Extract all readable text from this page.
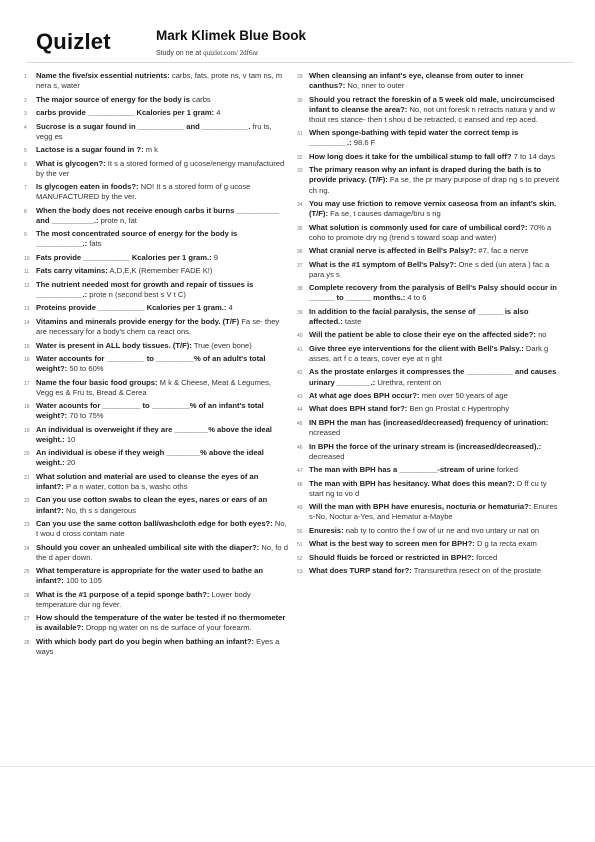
Quizlet	Mark Klimek Blue Book
Study on ne at quizlet.com/ 2df6nr
1 Name the five/six essential nutrients: carbs, fats, prote ns, v tam ns, m nera s, water
2 The major source of energy for the body is carbs
3 carbs provide ___________ Kcalories per 1 gram: 4
4 Sucrose is a sugar found in ___________ and ___________. fru ts, vegg es
5 Lactose is a sugar found in ?: m k
6 What is glycogen?: It s a stored formed of g ucose/energy manufactured by the ver
7 Is glycogen eaten in foods?: NO! It s a stored form of g ucose MANUFACTURED by the ver.
8 When the body does not receive enough carbs it burns __________ and __________.: prote n, fat
9 The most concentrated source of energy for the body is ___________.: fats
10 Fats provide ___________ Kcalories per 1 gram.: 9
11 Fats carry vitamins: A,D,E,K (Remember FADE K!)
12 The nutrient needed most for growth and repair of tissues is ___________.: prote n (second best s V t C)
13 Proteins provide ___________ Kcalories per 1 gram.: 4
14 Vitamins and minerals provide energy for the body. (T/F) Fa se- they are necessary for a body's chem ca react ons.
15 Water is present in ALL body tissues. (T/F): True (even bone)
16 Water accounts for _________ to _________% of an adult's total weight?: 50 to 60%
17 Name the four basic food groups: M k & Cheese, Meat & Legumes, Vegg es & Fru ts, Bread & Cerea
18 Water acounts for _________ to _________% of an infant's total weight?: 70 to 75%
19 An individual is overweight if they are ________% above the ideal weight.: 10
20 An individual is obese if they weigh ________% above the ideal weight.: 20
21 What solution and material are used to cleanse the eyes of an infant?: P a n water, cotton ba s, washc oths
22 Can you use cotton swabs to clean the eyes, nares or ears of an infant?: No, th s s dangerous
23 Can you use the same cotton ball/washcloth edge for both eyes?: No, t wou d cross contam nate
24 Should you cover an unhealed umbilical site with the diaper?: No, fo d the d aper down.
25 What temperature is appropriate for the water used to bathe an infant?: 100 to 105
26 What is the #1 purpose of a tepid sponge bath?: Lower body temperature dur ng fever.
27 How should the temperature of the water be tested if no thermometer is available?: Dropp ng water on ns de surface of your forearm.
28 With which body part do you begin when bathing an infant?: Eyes a ways
29 When cleansing an infant's eye, cleanse from outer to inner canthus?: No, nner to outer
30 Should you retract the foreskin of a 5 week old male, uncircumcised infant to cleanse the area?: No, not unt foresk n retracts natura y and w thout res stance- then t shou d be retracted, c eansed and rep aced.
31 When sponge-bathing with tepid water the correct temp is _________.: 98.6 F
32 How long does it take for the umbilical stump to fall off? 7 to 14 days
33 The primary reason why an infant is draped during the bath is to provide privacy. (T/F): Fa se, the pr mary purpose of drap ng s to prevent ch ng.
34 You may use friction to remove vernix caseosa from an infant's skin. (T/F): Fa se, t causes damage/bru s ng
35 What solution is commonly used for care of umbilical cord?: 70% a coho to promote dry ng (trend s toward soap and water)
36 What cranial nerve is affected in Bell's Palsy?: #7, fac a nerve
37 What is the #1 symptom of Bell's Palsy?: One s ded (un atera ) fac a para ys s
38 Complete recovery from the paralysis of Bell's Palsy should occur in ______ to ______ months.: 4 to 6
39 In addition to the facial paralysis, the sense of ______ is also affected.: taste
40 Will the patient be able to close their eye on the affected side?: no
41 Give three eye interventions for the client with Bell's Palsy.: Dark g asses, art f c a tears, cover eye at n ght
42 As the prostate enlarges it compresses the ___________ and causes urinary ________.: Urethra, rentent on
43 At what age does BPH occur?: men over 50 years of age
44 What does BPH stand for?: Ben gn Prostat c Hypertrophy
45 IN BPH the man has (increased/decreased) frequency of urination: ncreased
46 In BPH the force of the urinary stream is (increased/decreased).: decreased
47 The man with BPH has a _________-stream of urine forked
48 The man with BPH has hesitancy. What does this mean?: D ff cu ty start ng to vo d
49 Will the man with BPH have enuresis, nocturia or hematuria?: Enures s-No, Noctur a-Yes, and Hematur a-Maybe
50 Enuresis: nab ty to contro the f ow of ur ne and nvo untary ur nat on
51 What is the best way to screen men for BPH?: D g ta recta exam
52 Should fluids be forced or restricted in BPH?: forced
53 What does TURP stand for?: Transurethra resect on of the prostate
